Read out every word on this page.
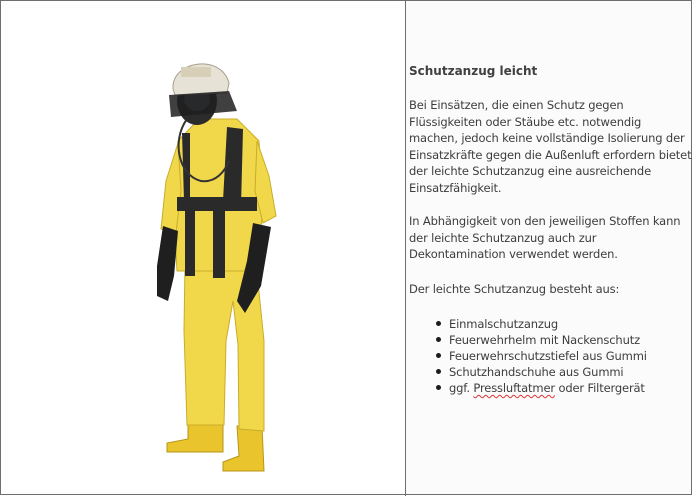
Schutzanzug leicht
Bei Einsätzen, die einen Schutz gegen Flüssigkeiten oder Stäube etc. notwendig machen, jedoch keine vollständige Isolierung der Einsatzkräfte gegen die Außenluft erfordern bietet der leichte Schutzanzug eine ausreichende Einsatzfähigkeit.
In Abhängigkeit von den jeweiligen Stoffen kann der leichte Schutzanzug auch zur Dekontamination verwendet werden.
Der leichte Schutzanzug besteht aus:
Einmalschutzanzug
Feuerwehrhelm mit Nackenschutz
Feuerwehrschutzstiefel aus Gummi
Schutzhandschuhe aus Gummi
ggf. Pressluftatmer oder Filtergerät
